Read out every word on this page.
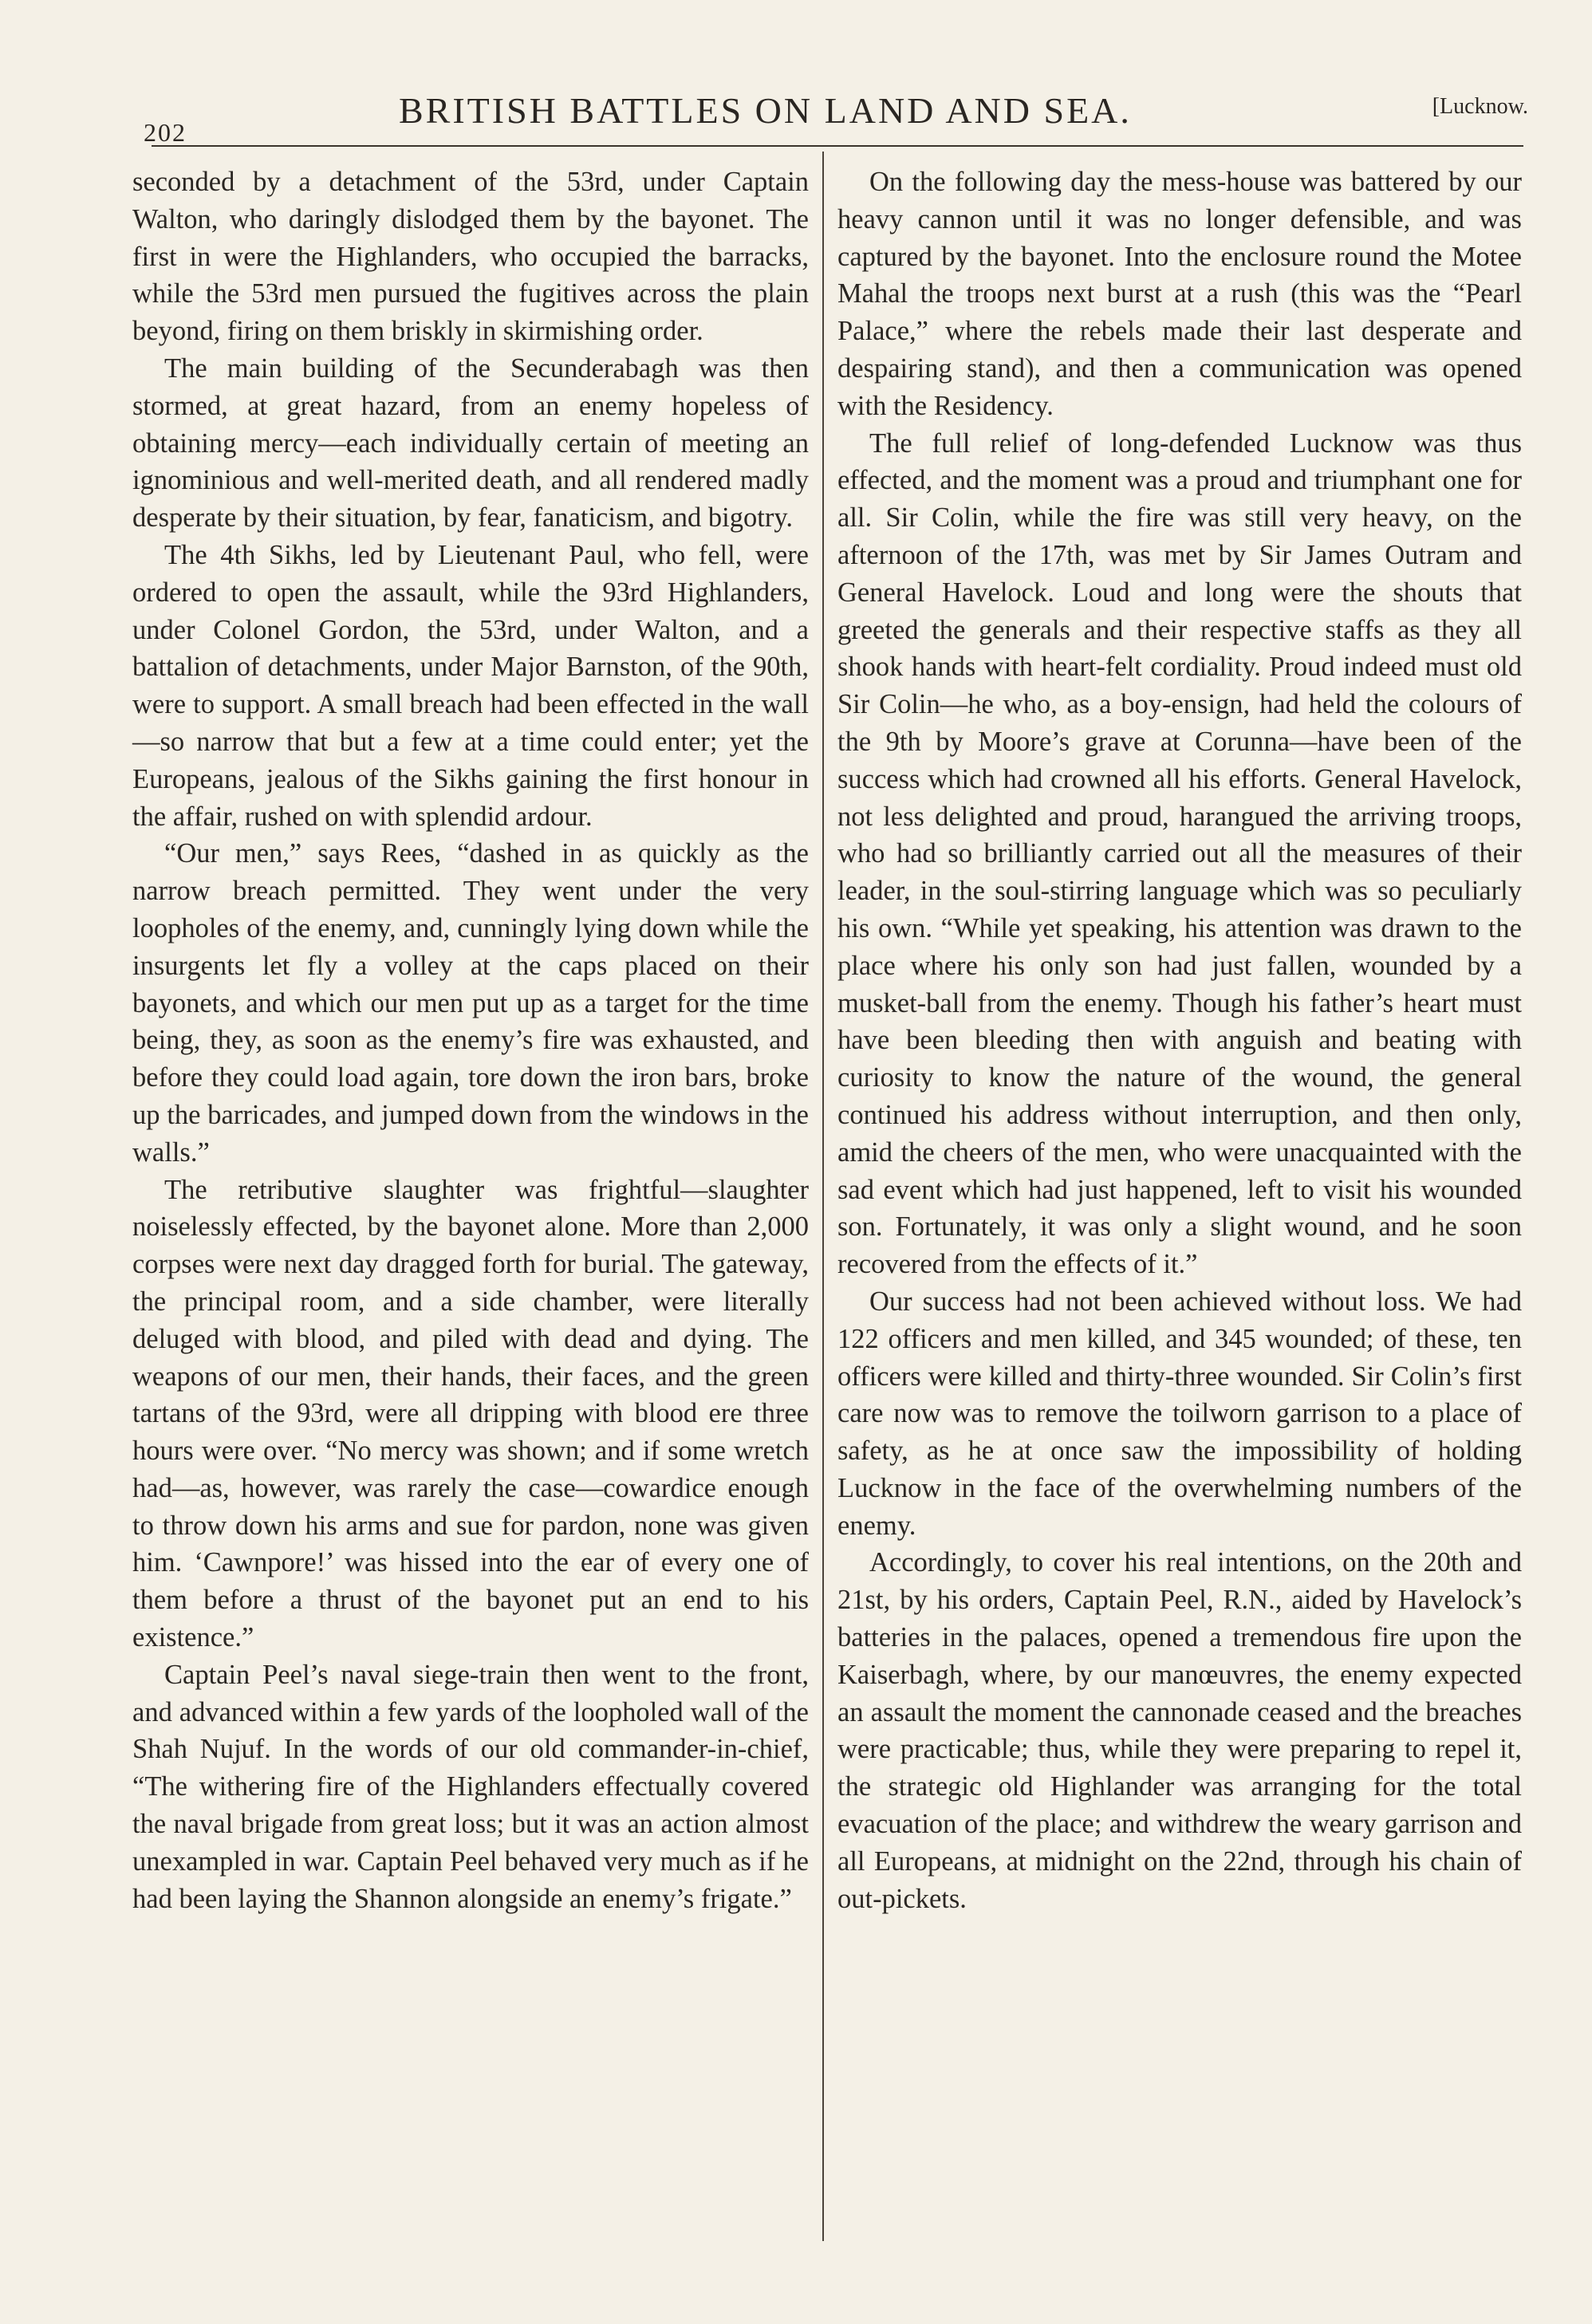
202
BRITISH BATTLES ON LAND AND SEA.	[Lucknow.

seconded by a detachment of the 53rd, under Captain Walton, who daringly dislodged them by the bayonet. The first in were the Highlanders, who occupied the barracks, while the 53rd men pursued the fugitives across the plain beyond, firing on them briskly in skirmishing order.

The main building of the Secunderabagh was then stormed, at great hazard, from an enemy hopeless of obtaining mercy—each individually certain of meeting an ignominious and well-merited death, and all rendered madly desperate by their situation, by fear, fanaticism, and bigotry.

The 4th Sikhs, led by Lieutenant Paul, who fell, were ordered to open the assault, while the 93rd Highlanders, under Colonel Gordon, the 53rd, under Walton, and a battalion of detachments, under Major Barnston, of the 90th, were to support. A small breach had been effected in the wall—so narrow that but a few at a time could enter; yet the Europeans, jealous of the Sikhs gaining the first honour in the affair, rushed on with splendid ardour.

“Our men,” says Rees, “dashed in as quickly as the narrow breach permitted. They went under the very loopholes of the enemy, and, cunningly lying down while the insurgents let fly a volley at the caps placed on their bayonets, and which our men put up as a target for the time being, they, as soon as the enemy’s fire was exhausted, and before they could load again, tore down the iron bars, broke up the barricades, and jumped down from the windows in the walls.”

The retributive slaughter was frightful—slaughter noiselessly effected, by the bayonet alone. More than 2,000 corpses were next day dragged forth for burial. The gateway, the principal room, and a side chamber, were literally deluged with blood, and piled with dead and dying. The weapons of our men, their hands, their faces, and the green tartans of the 93rd, were all dripping with blood ere three hours were over. “No mercy was shown; and if some wretch had—as, however, was rarely the case—cowardice enough to throw down his arms and sue for pardon, none was given him. ‘Cawnpore!’ was hissed into the ear of every one of them before a thrust of the bayonet put an end to his existence.”

Captain Peel’s naval siege-train then went to the front, and advanced within a few yards of the loopholed wall of the Shah Nujuf. In the words of our old commander-in-chief, “The withering fire of the Highlanders effectually covered the naval brigade from great loss; but it was an action almost unexampled in war. Captain Peel behaved very much as if he had been laying the Shannon alongside an enemy’s frigate.”

On the following day the mess-house was battered by our heavy cannon until it was no longer defensible, and was captured by the bayonet. Into the enclosure round the Motee Mahal the troops next burst at a rush (this was the “Pearl Palace,” where the rebels made their last desperate and despairing stand), and then a communication was opened with the Residency.

The full relief of long-defended Lucknow was thus effected, and the moment was a proud and triumphant one for all. Sir Colin, while the fire was still very heavy, on the afternoon of the 17th, was met by Sir James Outram and General Havelock. Loud and long were the shouts that greeted the generals and their respective staffs as they all shook hands with heart-felt cordiality. Proud indeed must old Sir Colin—he who, as a boy-ensign, had held the colours of the 9th by Moore’s grave at Corunna—have been of the success which had crowned all his efforts. General Havelock, not less delighted and proud, harangued the arriving troops, who had so brilliantly carried out all the measures of their leader, in the soul-stirring language which was so peculiarly his own. “While yet speaking, his attention was drawn to the place where his only son had just fallen, wounded by a musket-ball from the enemy. Though his father’s heart must have been bleeding then with anguish and beating with curiosity to know the nature of the wound, the general continued his address without interruption, and then only, amid the cheers of the men, who were unacquainted with the sad event which had just happened, left to visit his wounded son. Fortunately, it was only a slight wound, and he soon recovered from the effects of it.”

Our success had not been achieved without loss. We had 122 officers and men killed, and 345 wounded; of these, ten officers were killed and thirty-three wounded. Sir Colin’s first care now was to remove the toilworn garrison to a place of safety, as he at once saw the impossibility of holding Lucknow in the face of the overwhelming numbers of the enemy.

Accordingly, to cover his real intentions, on the 20th and 21st, by his orders, Captain Peel, R.N., aided by Havelock’s batteries in the palaces, opened a tremendous fire upon the Kaiserbagh, where, by our manœuvres, the enemy expected an assault the moment the cannonade ceased and the breaches were practicable; thus, while they were preparing to repel it, the strategic old Highlander was arranging for the total evacuation of the place; and withdrew the weary garrison and all Europeans, at midnight on the 22nd, through his chain of out-pickets.
